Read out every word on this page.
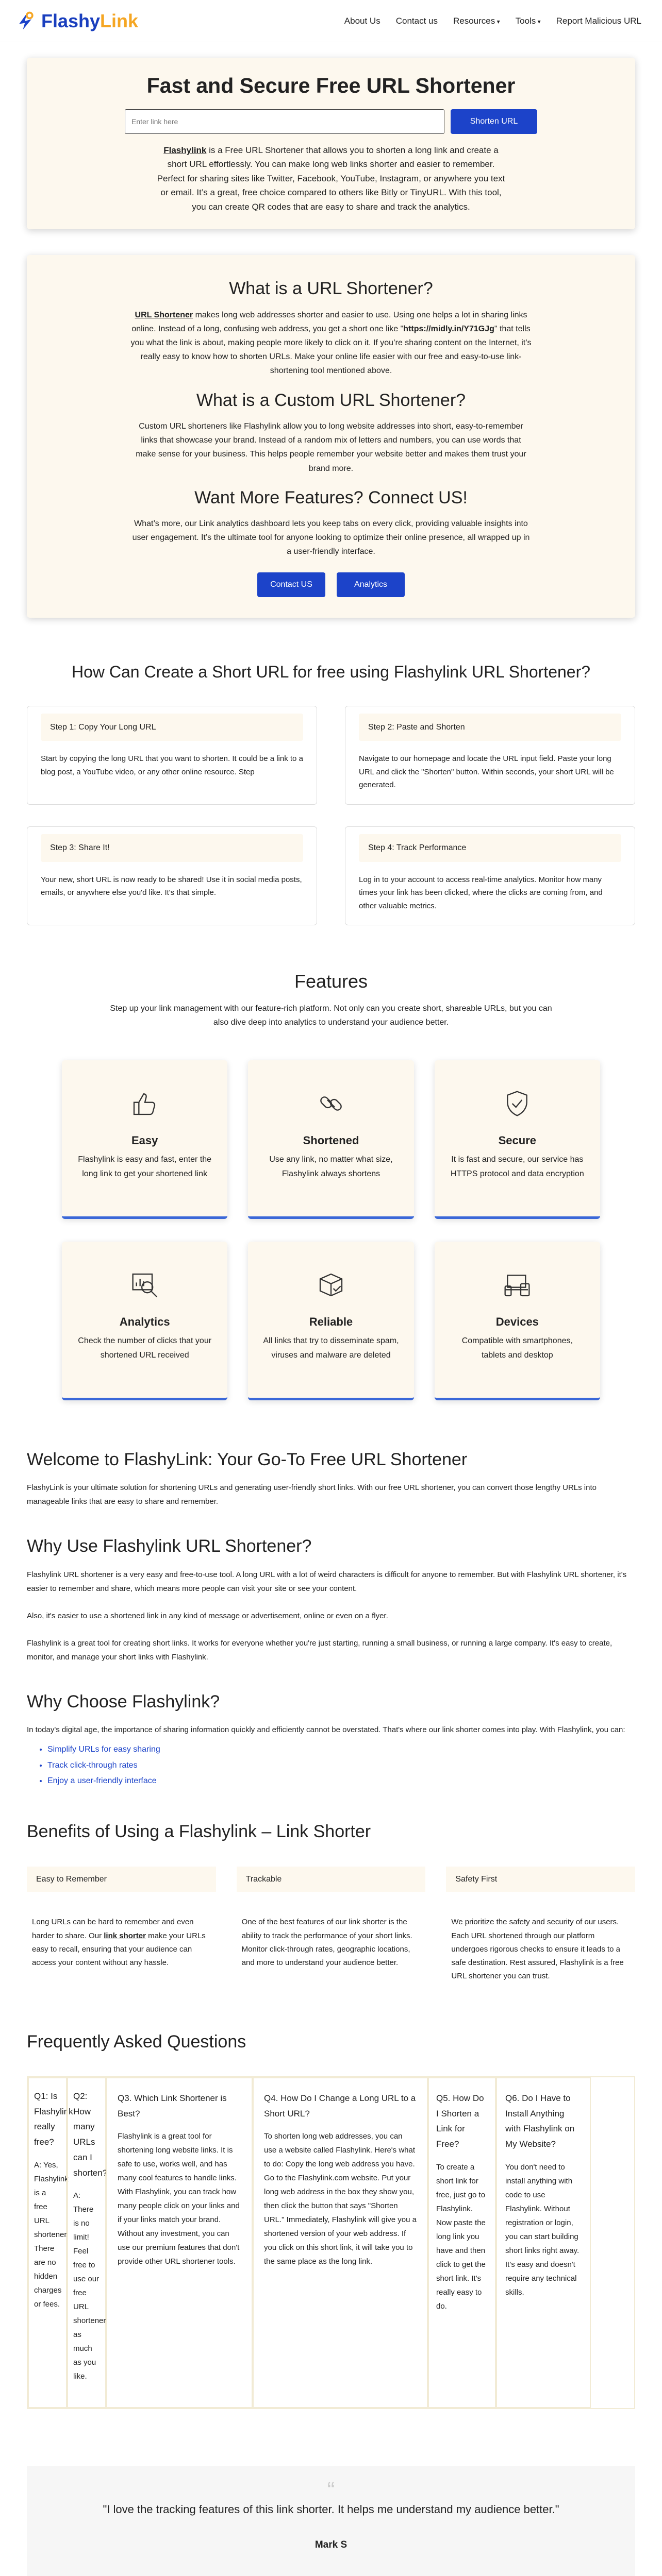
Flashy Link	About Us Contact us Resources ▾	Tools ▾	Report Malicious URL
Fast and Secure Free URL Shortener
Enter link here
Shorten URL

Flashylink is a Free URL Shortener that allows you to shorten a long link and create a short URL effortlessly. You can make long web links shorter and easier to remember. Perfect for sharing sites like Twitter, Facebook, YouTube, Instagram, or anywhere you text or email. It’s a great, free choice compared to others like Bitly or TinyURL. With this tool, you can create QR codes that are easy to share and track the analytics.

What is a URL Shortener?

URL Shortener makes long web addresses shorter and easier to use. Using one helps a lot in sharing links online. Instead of a long, confusing web address, you get a short one like "https://midly.in/Y71GJg" that tells you what the link is about, making people more likely to click on it. If you’re sharing content on the Internet, it’s really easy to know how to shorten URLs. Make your online life easier with our free and easy-to-use link-shortening tool mentioned above.

What is a Custom URL Shortener?

Custom URL shorteners like Flashylink allow you to long website addresses into short, easy-to-remember links that showcase your brand. Instead of a random mix of letters and numbers, you can use words that make sense for your business. This helps people remember your website better and makes them trust your brand more.

Want More Features? Connect US!

What’s more, our Link analytics dashboard lets you keep tabs on every click, providing valuable insights into user engagement. It’s the ultimate tool for anyone looking to optimize their online presence, all wrapped up in a user-friendly interface.

Contact US	Analytics
How Can Create a Short URL for free using Flashylink URL Shortener?
Step 1: Copy Your Long URL

Start by copying the long URL that you want to shorten. It could be a link to a blog post, a YouTube video, or any other online resource. Step

Step 2: Paste and Shorten

Navigate to our homepage and locate the URL input field. Paste your long URL and click the "Shorten" button. Within seconds, your short URL will be generated.

Step 3: Share It!

Your new, short URL is now ready to be shared! Use it in social media posts, emails, or anywhere else you'd like. It's that simple.

Step 4: Track Performance

Log in to your account to access real-time analytics. Monitor how many times your link has been clicked, where the clicks are coming from, and other valuable metrics.

Features

Step up your link management with our feature-rich platform. Not only can you create short, shareable URLs, but you can also dive deep into analytics to understand your audience better.

Easy

Flashylink is easy and fast, enter the long link to get your shortened link

Shortened

Use any link, no matter what size, Flashylink always shortens

Secure

It is fast and secure, our service has HTTPS protocol and data encryption

Analytics

Check the number of clicks that your shortened URL received

Reliable

All links that try to disseminate spam, viruses and malware are deleted

Devices

Compatible with smartphones, tablets and desktop

Welcome to FlashyLink: Your Go-To Free URL Shortener

FlashyLink is your ultimate solution for shortening URLs and generating user-friendly short links. With our free URL shortener, you can convert those lengthy URLs into manageable links that are easy to share and remember.

Why Use Flashylink URL Shortener?

Flashylink URL shortener is a very easy and free-to-use tool. A long URL with a lot of weird characters is difficult for anyone to remember. But with Flashylink URL shortener, it's easier to remember and share, which means more people can visit your site or see your content.

Also, it's easier to use a shortened link in any kind of message or advertisement, online or even on a flyer.

Flashylink is a great tool for creating short links. It works for everyone whether you're just starting, running a small business, or running a large company. It's easy to create, monitor, and manage your short links with Flashylink.

Why Choose Flashylink?

In today's digital age, the importance of sharing information quickly and efficiently cannot be overstated. That's where our link shorter comes into play. With Flashylink, you can:

• Simplify URLs for easy sharing
• Track click-through rates
• Enjoy a user-friendly interface
Benefits of Using a Flashylink – Link Shorter
Easy to Remember

Long URLs can be hard to remember and even harder to share. Our link shorter make your URLs easy to recall, ensuring that your audience can access your content without any hassle.

Trackable

One of the best features of our link shorter is the ability to track the performance of your short links. Monitor click-through rates, geographic locations, and more to understand your audience better.

Safety First

We prioritize the safety and security of our users. Each URL shortened through our platform undergoes rigorous checks to ensure it leads to a safe destination. Rest assured, Flashylink is a free URL shortener you can trust.

Frequently Asked Questions
Q1: Is Flashylink really free?

A: Yes, Flashylink is a free URL shortener. There are no hidden charges or fees.

Q2: How many URLs can I shorten?

A: There is no limit! Feel free to use our free URL shortener as much as you like.

Q3. Which Link Shortener is Best?

Flashylink is a great tool for shortening long website links. It is safe to use, works well, and has many cool features to handle links. With Flashylink, you can track how many people click on your links and if your links match your brand. Without any investment, you can use our premium features that don't provide other URL shortener tools.

Q4. How Do I Change a Long URL to a Short URL?

To shorten long web addresses, you can use a website called Flashylink. Here's what to do: Copy the long web address you have. Go to the Flashylink.com website. Put your long web address in the box they show you, then click the button that says "Shorten URL." Immediately, Flashylink will give you a shortened version of your web address. If you click on this short link, it will take you to the same place as the long link.

Q5. How Do I Shorten a Link for Free?

To create a short link for free, just go to Flashylink. Now paste the long link you have and then click to get the short link. It's really easy to do.

Q6. Do I Have to Install Anything with Flashylink on My Website?

You don't need to install anything with code to use Flashylink. Without registration or login, you can start building short links right away. It's easy and doesn't require any technical skills.

“

"I love the tracking features of this link shorter. It helps me understand my audience better."

Mark S
